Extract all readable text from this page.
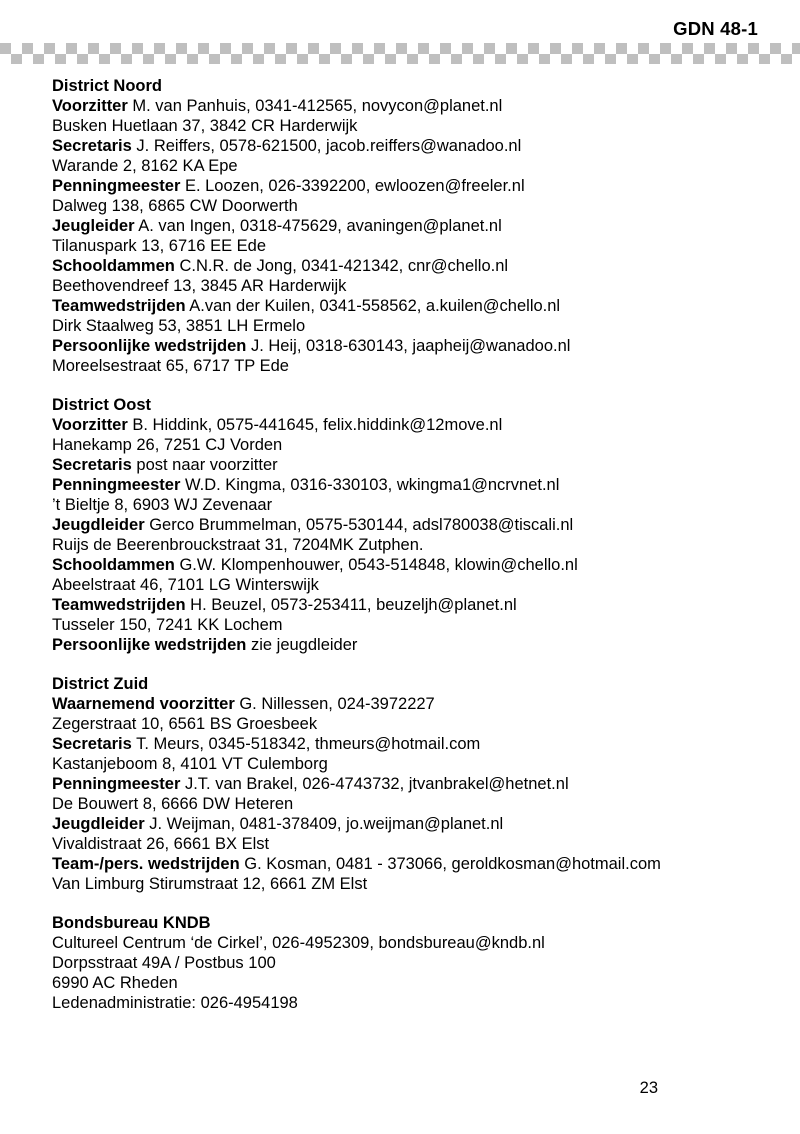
GDN 48-1
District Noord
Voorzitter M. van Panhuis, 0341-412565, novycon@planet.nl
Busken Huetlaan 37, 3842 CR Harderwijk
Secretaris J. Reiffers, 0578-621500, jacob.reiffers@wanadoo.nl
Warande 2, 8162 KA Epe
Penningmeester E. Loozen, 026-3392200, ewloozen@freeler.nl
Dalweg 138, 6865 CW Doorwerth
Jeugleider A. van Ingen, 0318-475629, avaningen@planet.nl
Tilanuspark 13, 6716 EE Ede
Schooldammen C.N.R. de Jong, 0341-421342, cnr@chello.nl
Beethovendreef 13, 3845 AR Harderwijk
Teamwedstrijden A.van der Kuilen, 0341-558562, a.kuilen@chello.nl
Dirk Staalweg 53, 3851 LH Ermelo
Persoonlijke wedstrijden J. Heij, 0318-630143, jaapheij@wanadoo.nl
Moreelsestraat 65, 6717 TP Ede
District Oost
Voorzitter B. Hiddink, 0575-441645, felix.hiddink@12move.nl
Hanekamp 26, 7251 CJ Vorden
Secretaris post naar voorzitter
Penningmeester W.D. Kingma, 0316-330103, wkingma1@ncrvnet.nl
’t Bieltje 8, 6903 WJ Zevenaar
Jeugdleider Gerco Brummelman, 0575-530144, adsl780038@tiscali.nl
Ruijs de Beerenbrouckstraat 31, 7204MK Zutphen.
Schooldammen G.W. Klompenhouwer, 0543-514848, klowin@chello.nl
Abeelstraat 46, 7101 LG Winterswijk
Teamwedstrijden H. Beuzel, 0573-253411, beuzeljh@planet.nl
Tusseler 150, 7241 KK Lochem
Persoonlijke wedstrijden zie jeugdleider
District Zuid
Waarnemend voorzitter G. Nillessen, 024-3972227
Zegerstraat 10, 6561 BS Groesbeek
Secretaris T. Meurs, 0345-518342, thmeurs@hotmail.com
Kastanjeboom 8, 4101 VT Culemborg
Penningmeester J.T. van Brakel, 026-4743732, jtvanbrakel@hetnet.nl
De Bouwert 8, 6666 DW Heteren
Jeugdleider J. Weijman, 0481-378409, jo.weijman@planet.nl
Vivaldistraat 26, 6661 BX Elst
Team-/pers. wedstrijden G. Kosman, 0481 - 373066, geroldkosman@hotmail.com
Van Limburg Stirumstraat 12, 6661 ZM Elst
Bondsbureau KNDB
Cultureel Centrum ‘de Cirkel’, 026-4952309, bondsbureau@kndb.nl
Dorpsstraat 49A / Postbus 100
6990 AC Rheden
Ledenadministratie: 026-4954198
23
